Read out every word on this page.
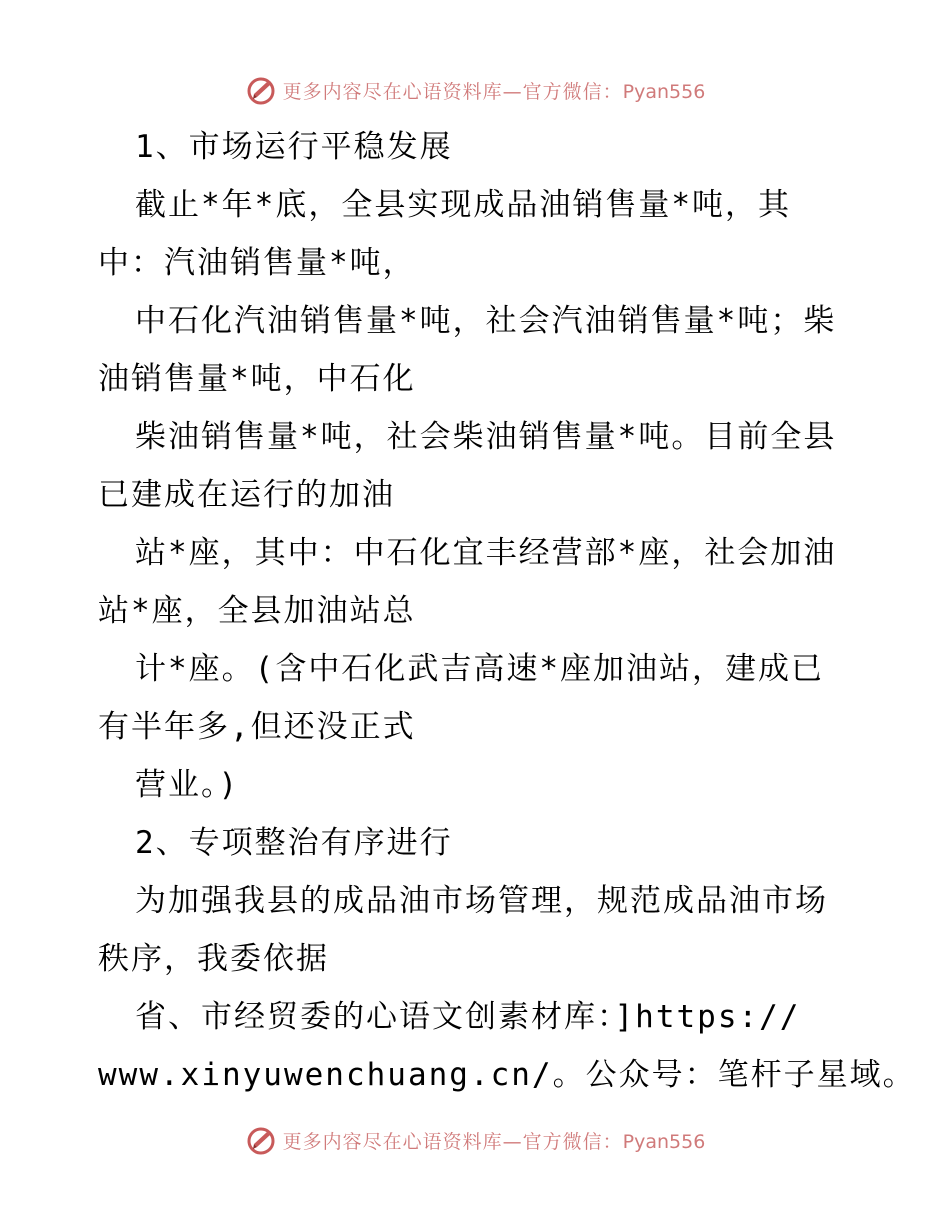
更多内容尽在心语资料库—官方微信：Pyan556
1、市场运行平稳发展
截止*年*底，全县实现成品油销售量*吨，其
中：汽油销售量*吨，
中石化汽油销售量*吨，社会汽油销售量*吨；柴
油销售量*吨，中石化
柴油销售量*吨，社会柴油销售量*吨。目前全县
已建成在运行的加油
站*座，其中：中石化宜丰经营部*座，社会加油
站*座，全县加油站总
计*座。(含中石化武吉高速*座加油站，建成已
有半年多,但还没正式
营业。)
2、专项整治有序进行
为加强我县的成品油市场管理，规范成品油市场
秩序，我委依据
省、市经贸委的心语文创素材库：]https://
www.xinyuwenchuang.cn/。公众号：笔杆子星域。
更多内容尽在心语资料库—官方微信：Pyan556
